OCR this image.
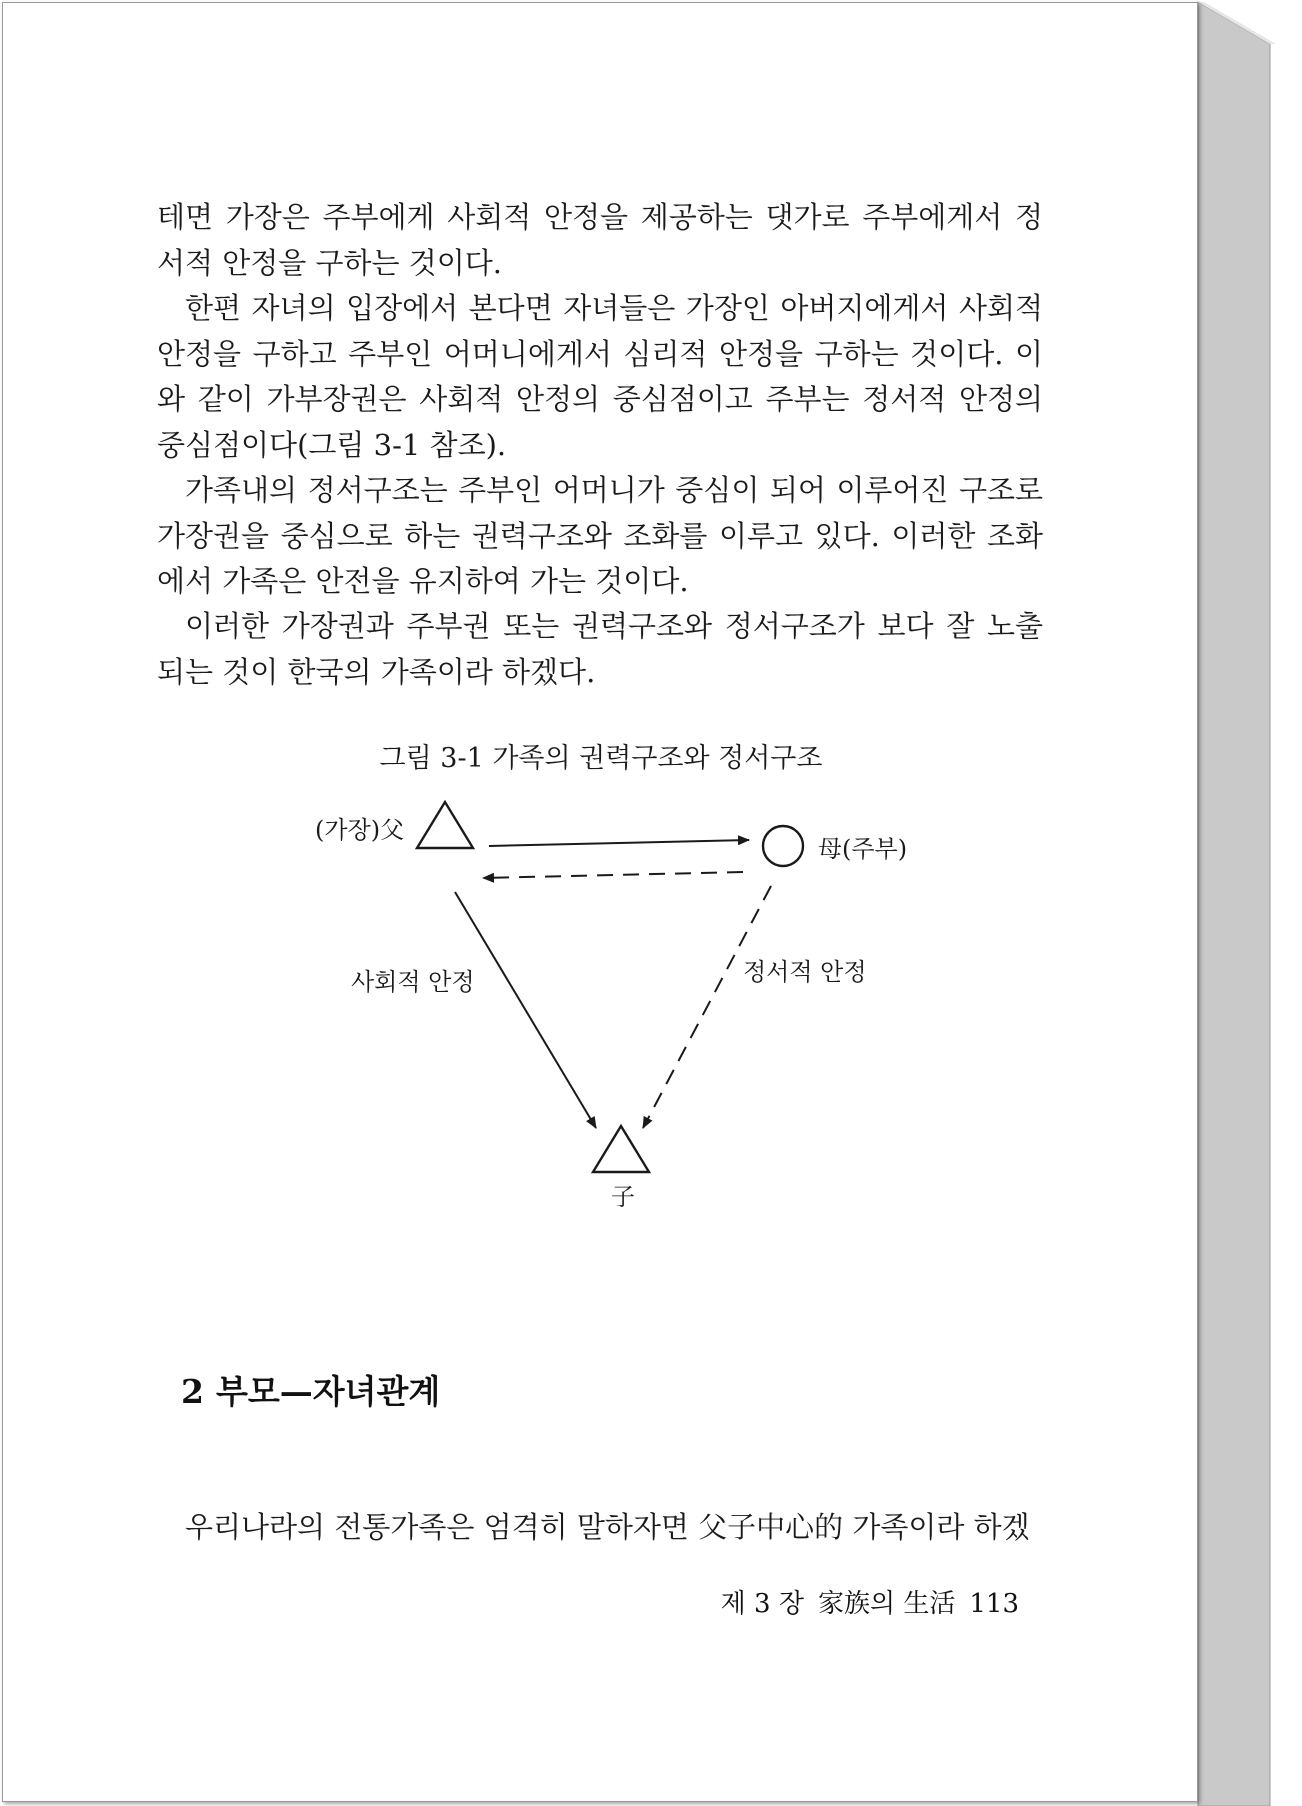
테면 가장은 주부에게 사회적 안정을 제공하는 댓가로 주부에게서 정서적 안정을 구하는 것이다.

한편 자녀의 입장에서 본다면 자녀들은 가장인 아버지에게서 사회적 안정을 구하고 주부인 어머니에게서 심리적 안정을 구하는 것이다. 이와 같이 가부장권은 사회적 안정의 중심점이고 주부는 정서적 안정의 중심점이다(그림 3-1 참조).

가족내의 정서구조는 주부인 어머니가 중심이 되어 이루어진 구조로 가장권을 중심으로 하는 권력구조와 조화를 이루고 있다. 이러한 조화에서 가족은 안전을 유지하여 가는 것이다.

이러한 가장권과 주부권 또는 권력구조와 정서구조가 보다 잘 노출되는 것이 한국의 가족이라 하겠다.

그림 3-1 가족의 권력구조와 정서구조
(가장)父
母(주부)
子
사회적 안정	정서적 안정
2 부모—자녀관계

우리나라의 전통가족은 엄격히 말하자면 父子中心的 가족이라 하겠

제 3 장 家族의 生活 113
